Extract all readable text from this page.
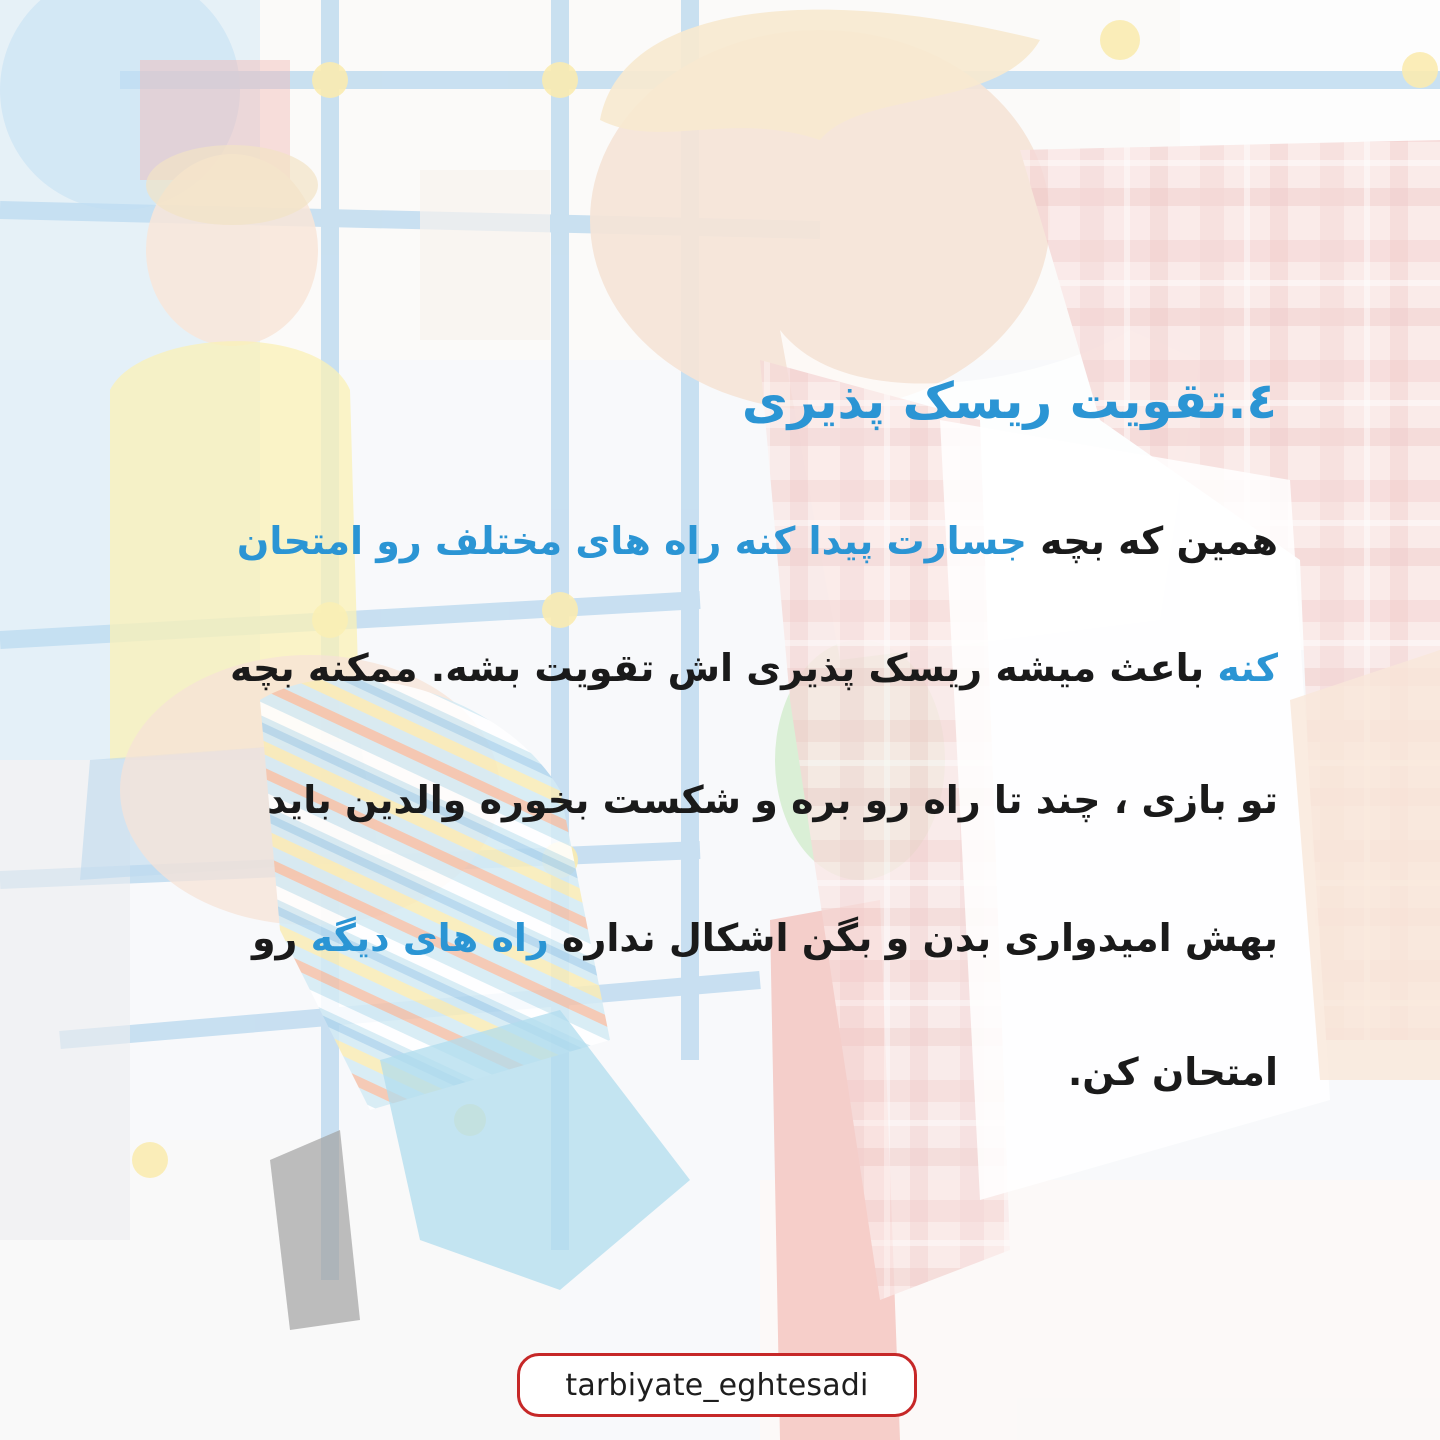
٤.تقویت ریسک پذیری
همین که بچه جسارت پیدا کنه راه های مختلف رو امتحان
کنه باعث میشه ریسک پذیری اش تقویت بشه. ممکنه بچه
تو بازی ، چند تا راه رو بره و شکست بخوره والدین باید
بهش امیدواری بدن و بگن اشکال نداره راه های دیگه رو
امتحان کن.
tarbiyate_eghtesadi
